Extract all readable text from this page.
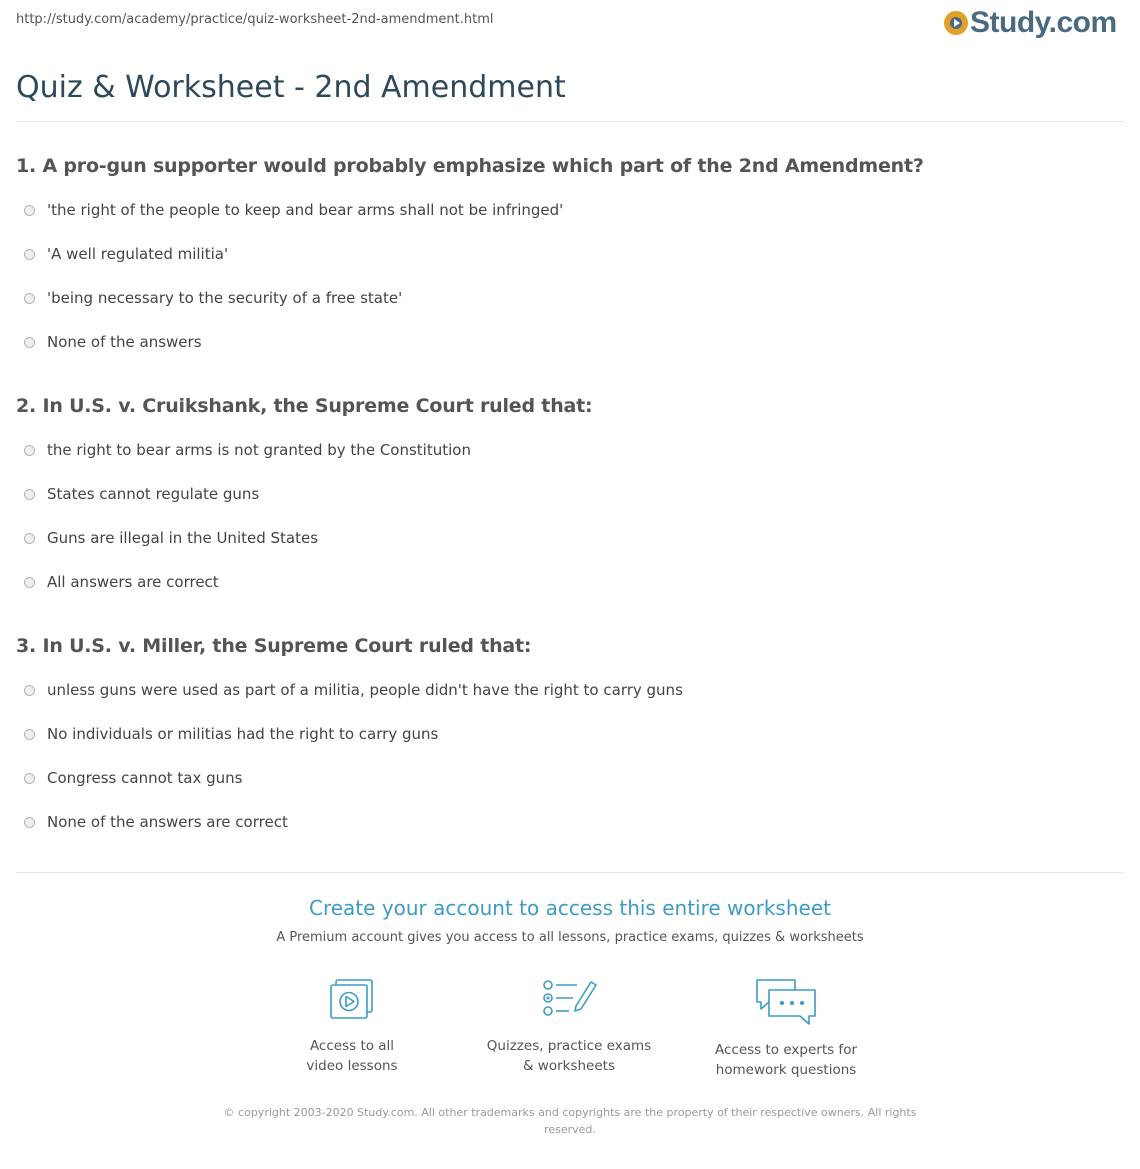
http://study.com/academy/practice/quiz-worksheet-2nd-amendment.html	Study.com
Quiz & Worksheet - 2nd Amendment

1. A pro-gun supporter would probably emphasize which part of the 2nd Amendment?

'the right of the people to keep and bear arms shall not be infringed'
'A well regulated militia'
'being necessary to the security of a free state'
None of the answers

2. In U.S. v. Cruikshank, the Supreme Court ruled that:

the right to bear arms is not granted by the Constitution
States cannot regulate guns
Guns are illegal in the United States
All answers are correct

3. In U.S. v. Miller, the Supreme Court ruled that:

unless guns were used as part of a militia, people didn't have the right to carry guns
No individuals or militias had the right to carry guns
Congress cannot tax guns
None of the answers are correct
Create your account to access this entire worksheet
A Premium account gives you access to all lessons, practice exams, quizzes & worksheets
Access to all
video lessons
Quizzes, practice exams
& worksheets
Access to experts for
homework questions
© copyright 2003-2020 Study.com. All other trademarks and copyrights are the property of their respective owners. All rights
reserved.
